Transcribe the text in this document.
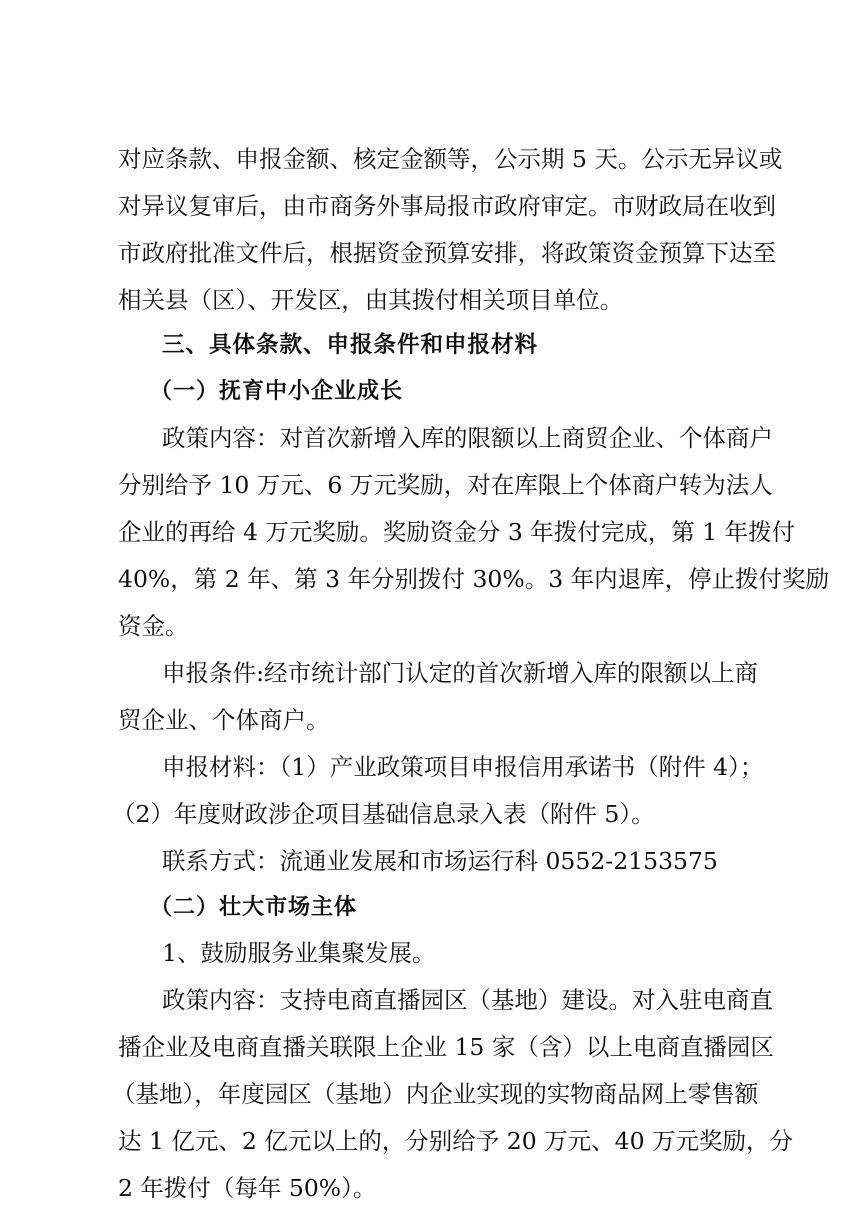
对应条款、申报金额、核定金额等，公示期 5 天。公示无异议或
对异议复审后，由市商务外事局报市政府审定。市财政局在收到
市政府批准文件后，根据资金预算安排，将政策资金预算下达至
相关县（区）、开发区，由其拨付相关项目单位。
三、具体条款、申报条件和申报材料
（一）抚育中小企业成长
政策内容：对首次新增入库的限额以上商贸企业、个体商户
分别给予 10 万元、6 万元奖励，对在库限上个体商户转为法人
企业的再给 4 万元奖励。奖励资金分 3 年拨付完成，第 1 年拨付
40%，第 2 年、第 3 年分别拨付 30%。3 年内退库，停止拨付奖励
资金。
申报条件:经市统计部门认定的首次新增入库的限额以上商
贸企业、个体商户。
申报材料：（1）产业政策项目申报信用承诺书（附件 4）；
（2）年度财政涉企项目基础信息录入表（附件 5）。
联系方式：流通业发展和市场运行科 0552-2153575
（二）壮大市场主体
1、鼓励服务业集聚发展。
政策内容：支持电商直播园区（基地）建设。对入驻电商直
播企业及电商直播关联限上企业 15 家（含）以上电商直播园区
（基地），年度园区（基地）内企业实现的实物商品网上零售额
达 1 亿元、2 亿元以上的，分别给予 20 万元、40 万元奖励，分
2 年拨付（每年 50%）。
